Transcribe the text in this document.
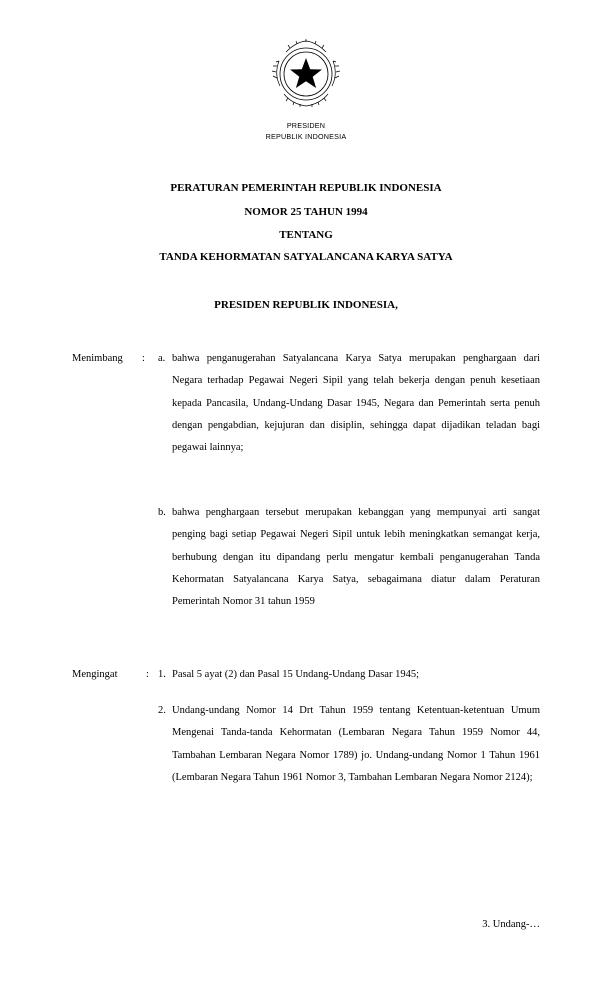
PRESIDEN
REPUBLIK INDONESIA
PERATURAN PEMERINTAH REPUBLIK INDONESIA
NOMOR 25 TAHUN 1994
TENTANG
TANDA KEHORMATAN SATYALANCANA KARYA SATYA
PRESIDEN REPUBLIK INDONESIA,
Menimbang : a. bahwa penganugerahan Satyalancana Karya Satya merupakan penghargaan dari Negara terhadap Pegawai Negeri Sipil yang telah bekerja dengan penuh kesetiaan kepada Pancasila, Undang-Undang Dasar 1945, Negara dan Pemerintah serta penuh dengan pengabdian, kejujuran dan disiplin, sehingga dapat dijadikan teladan bagi pegawai lainnya;

b. bahwa penghargaan tersebut merupakan kebanggan yang mempunyai arti sangat penging bagi setiap Pegawai Negeri Sipil untuk lebih meningkatkan semangat kerja, berhubung dengan itu dipandang perlu mengatur kembali penganugerahan Tanda Kehormatan Satyalancana Karya Satya, sebagaimana diatur dalam Peraturan Pemerintah Nomor 31 tahun 1959

Mengingat	: 1. Pasal 5 ayat (2) dan Pasal 15 Undang-Undang Dasar 1945;

2. Undang-undang Nomor 14 Drt Tahun 1959 tentang Ketentuan-ketentuan Umum Mengenai Tanda-tanda Kehormatan (Lembaran Negara Tahun 1959 Nomor 44, Tambahan Lembaran Negara Nomor 1789) jo. Undang-undang Nomor 1 Tahun 1961 (Lembaran Negara Tahun 1961 Nomor 3, Tambahan Lembaran Negara Nomor 2124);

3. Undang-…
